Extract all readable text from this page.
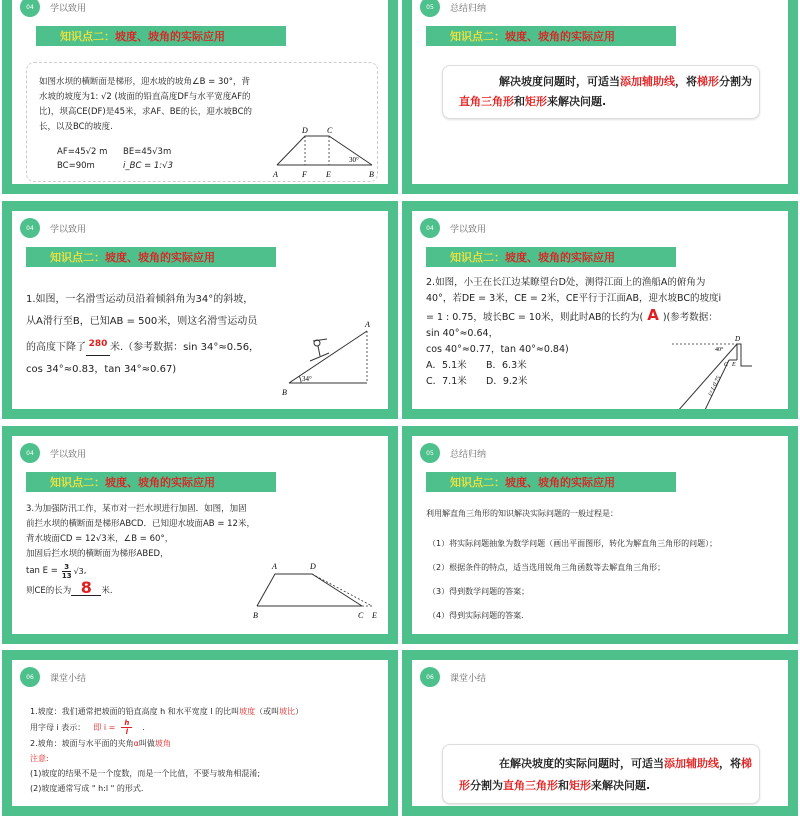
04	学以致用
知识点二： 坡度、坡角的实际应用
如图水坝的横断面是梯形，迎水坡的坡角∠B = 30°，背
水坡的坡度为1: √2 (坡面的铅直高度DF与水平宽度AF的
比)，坝高CE(DF)是45米，求AF、BE的长，迎水坡BC的
长，以及BC的坡度.
AF=45√2 m BE=45√3m
BC=90m	i_BC = 1:√3
A	F E	B
D C
30°
05	总结归纳
知识点二： 坡度、坡角的实际应用
解决坡度问题时，可适当添加辅助线，将梯形分割为直角三角形和矩形来解决问题.
04	学以致用
知识点二： 坡度、坡角的实际应用
1.如图，一名滑雪运动员沿着倾斜角为34°的斜坡，
从A滑行至B，已知AB = 500米，则这名滑雪运动员
的高度下降了 280 米.（参考数据：sin 34°≈0.56，
cos 34°≈0.83，tan 34°≈0.67)
34°
B
A
04	学以致用
知识点二： 坡度、坡角的实际应用
2.如图，小王在长江边某瞭望台D处，测得江面上的渔船A的俯角为
40°，若DE = 3米，CE = 2米，CE平行于江面AB，迎水坡BC的坡度i
= 1 : 0.75，坡长BC = 10米，则此时AB的长约为( A )(参考数据：
sin 40°≈0.64，
cos 40°≈0.77，tan 40°≈0.84)
A．5.1米 B．6.3米
C．7.1米 D．9.2米
D
40°
C E
A	B
i=1:0.75
04	学以致用
知识点二： 坡度、坡角的实际应用
3.为加强防汛工作，某市对一拦水坝进行加固．如图，加固
前拦水坝的横断面是梯形ABCD．已知迎水坡面AB = 12米，
背水坡面CD = 12√3米，∠B = 60°，
加固后拦水坝的横断面为梯形ABED，
$\tan E = \frac{3}{13} √3$ ,
则CE的长为 8 米.
A	D
B	C E
05	总结归纳
知识点二： 坡度、坡角的实际应用
利用解直角三角形的知识解决实际问题的一般过程是：
（1）将实际问题抽象为数学问题（画出平面图形，转化为解直角三角形的问题）；
（2）根据条件的特点，适当选用锐角三角函数等去解直角三角形；
（3）得到数学问题的答案；
（4）得到实际问题的答案．
06	课堂小结
1.坡度：我们通常把坡面的铅直高度 h 和水平宽度 l 的比叫坡度（或叫坡比）
用字母 i 表示： 即 $i = \frac{h}{l}$ .
2.坡角：坡面与水平面的夹角α叫做坡角
注意:
(1)坡度的结果不是一个度数，而是一个比值，不要与坡角相混淆;
(2)坡度通常写成 " h:l " 的形式.
06	课堂小结
在解决坡度的实际问题时，可适当添加辅助线，将梯形分割为直角三角形和矩形来解决问题.
